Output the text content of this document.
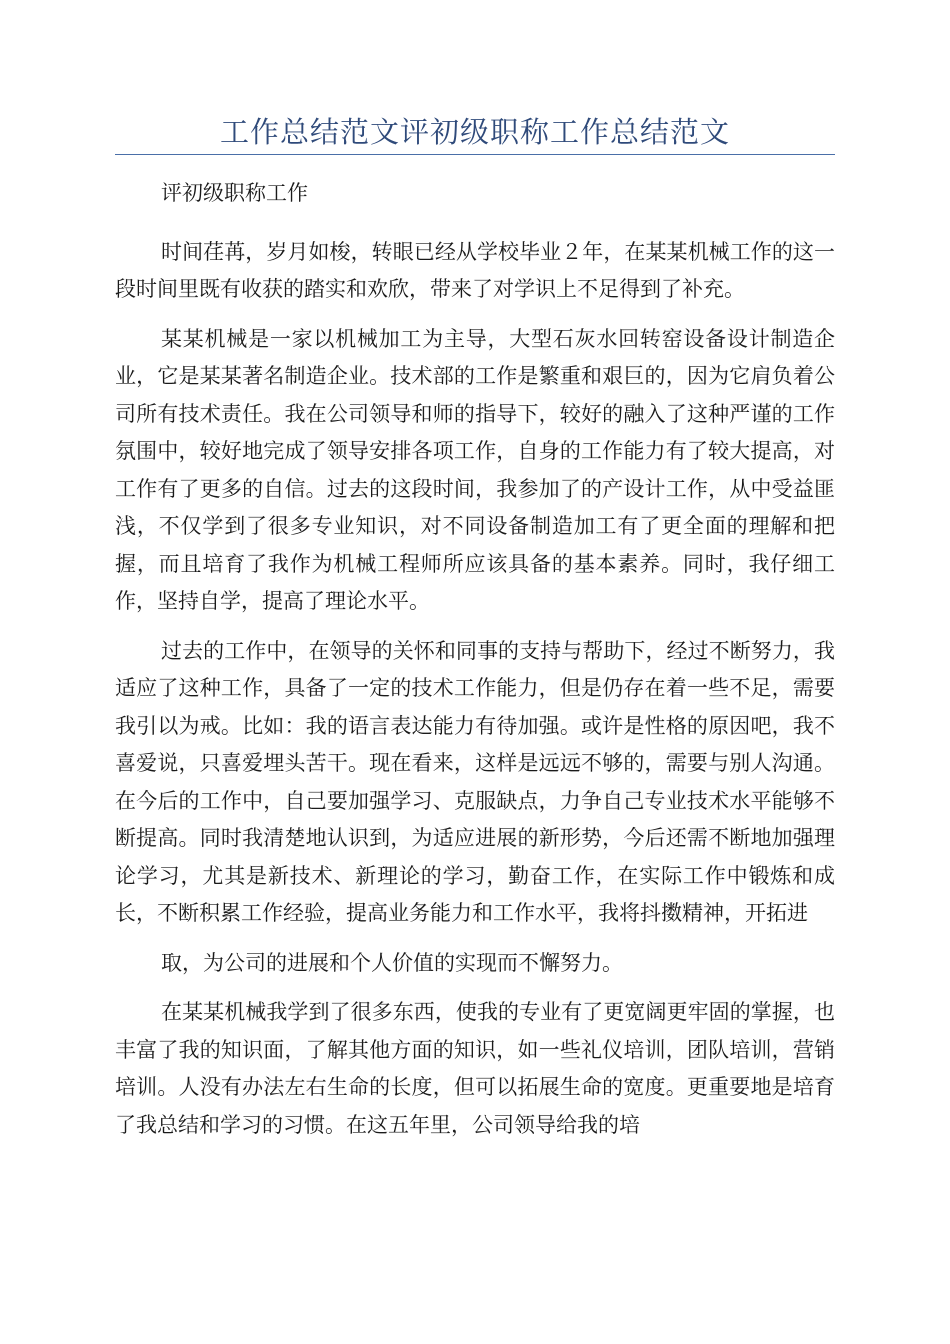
工作总结范文评初级职称工作总结范文

评初级职称工作

时间荏苒，岁月如梭，转眼已经从学校毕业２年，在某某机械工作的这一段时间里既有收获的踏实和欢欣，带来了对学识上不足得到了补充。

某某机械是一家以机械加工为主导，大型石灰水回转窑设备设计制造企业，它是某某著名制造企业。技术部的工作是繁重和艰巨的，因为它肩负着公司所有技术责任。我在公司领导和师的指导下，较好的融入了这种严谨的工作氛围中，较好地完成了领导安排各项工作，自身的工作能力有了较大提高，对工作有了更多的自信。过去的这段时间，我参加了的产设计工作，从中受益匪浅，不仅学到了很多专业知识，对不同设备制造加工有了更全面的理解和把握，而且培育了我作为机械工程师所应该具备的基本素养。同时，我仔细工作，坚持自学，提高了理论水平。

过去的工作中，在领导的关怀和同事的支持与帮助下，经过不断努力，我适应了这种工作，具备了一定的技术工作能力，但是仍存在着一些不足，需要我引以为戒。比如：我的语言表达能力有待加强。或许是性格的原因吧，我不喜爱说，只喜爱埋头苦干。现在看来，这样是远远不够的，需要与别人沟通。在今后的工作中，自己要加强学习、克服缺点，力争自己专业技术水平能够不断提高。同时我清楚地认识到，为适应进展的新形势，今后还需不断地加强理论学习，尤其是新技术、新理论的学习，勤奋工作，在实际工作中锻炼和成长，不断积累工作经验，提高业务能力和工作水平，我将抖擞精神，开拓进

取，为公司的进展和个人价值的实现而不懈努力。

在某某机械我学到了很多东西，使我的专业有了更宽阔更牢固的掌握，也丰富了我的知识面，了解其他方面的知识，如一些礼仪培训，团队培训，营销培训。人没有办法左右生命的长度，但可以拓展生命的宽度。更重要地是培育了我总结和学习的习惯。在这五年里，公司领导给我的培
